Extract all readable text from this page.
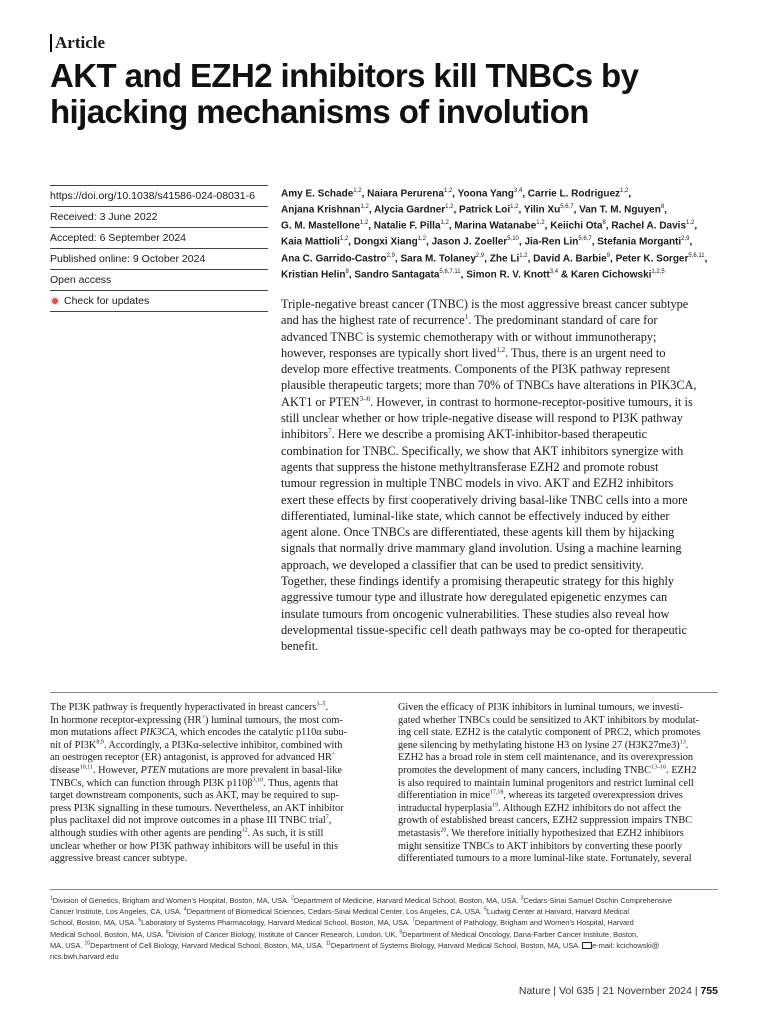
Article
AKT and EZH2 inhibitors kill TNBCs by
hijacking mechanisms of involution
https://doi.org/10.1038/s41586-024-08031-6
Received: 3 June 2022
Accepted: 6 September 2024
Published online: 9 October 2024
Open access
Check for updates
Amy E. Schade$^{1,2}$, Naiara Perurena$^{1,2}$, Yoona Yang$^{3,4}$, Carrie L. Rodriguez$^{1,2}$,
Anjana Krishnan$^{1,2}$, Alycia Gardner$^{1,2}$, Patrick Loi$^{1,2}$, Yilin Xu$^{5,6,7}$, Van T. M. Nguyen$^8$,
G. M. Mastellone$^{1,2}$, Natalie F. Pilla$^{1,2}$, Marina Watanabe$^{1,2}$, Keiichi Ota$^8$, Rachel A. Davis$^{1,2}$,
Kaia Mattioli$^{1,2}$, Dongxi Xiang$^{1,2}$, Jason J. Zoeller$^{5,10}$, Jia-Ren Lin$^{5,6,7}$, Stefania Morganti$^{2,9}$,
Ana C. Garrido-Castro$^{2,9}$, Sara M. Tolaney$^{2,9}$, Zhe Li$^{1,2}$, David A. Barbie$^9$, Peter K. Sorger$^{5,6,11}$,
Kristian Helin$^8$, Sandro Santagata$^{5,6,7,11}$, Simon R. V. Knott$^{3,4}$ & Karen Cichowski$^{1,2,5}$
Triple-negative breast cancer (TNBC) is the most aggressive breast cancer subtype
and has the highest rate of recurrence$^1$. The predominant standard of care for
advanced TNBC is systemic chemotherapy with or without immunotherapy;
however, responses are typically short lived$^{1,2}$. Thus, there is an urgent need to
develop more effective treatments. Components of the PI3K pathway represent
plausible therapeutic targets; more than 70% of TNBCs have alterations in PIK3CA,
AKT1 or PTEN$^{3-6}$. However, in contrast to hormone-receptor-positive tumours, it is
still unclear whether or how triple-negative disease will respond to PI3K pathway
inhibitors$^7$. Here we describe a promising AKT-inhibitor-based therapeutic
combination for TNBC. Specifically, we show that AKT inhibitors synergize with
agents that suppress the histone methyltransferase EZH2 and promote robust
tumour regression in multiple TNBC models in vivo. AKT and EZH2 inhibitors
exert these effects by first cooperatively driving basal-like TNBC cells into a more
differentiated, luminal-like state, which cannot be effectively induced by either
agent alone. Once TNBCs are differentiated, these agents kill them by hijacking
signals that normally drive mammary gland involution. Using a machine learning
approach, we developed a classifier that can be used to predict sensitivity.
Together, these findings identify a promising therapeutic strategy for this highly
aggressive tumour type and illustrate how deregulated epigenetic enzymes can
insulate tumours from oncogenic vulnerabilities. These studies also reveal how
developmental tissue-specific cell death pathways may be co-opted for therapeutic
benefit.
The PI3K pathway is frequently hyperactivated in breast cancers$^{3-5}$.
In hormone receptor-expressing (HR+) luminal tumours, the most com-
mon mutations affect PIK3CA, which encodes the catalytic p110α subu-
nit of $PI3K^{8,9}$. Accordingly, a PI3Kα-selective inhibitor, combined with
an oestrogen receptor (ER) antagonist, is approved for advanced HR+
disease$^{10,11}$. However, PTEN mutations are more prevalent in basal-like
TNBCs, which can function through PI3K $p110\beta^{3,10}$. Thus, agents that
target downstream components, such as AKT, may be required to sup-
press PI3K signalling in these tumours. Nevertheless, an AKT inhibitor
plus paclitaxel did not improve outcomes in a phase III TNBC trial$^7$,
although studies with other agents are pending$^{12}$. As such, it is still
unclear whether or how PI3K pathway inhibitors will be useful in this
aggressive breast cancer subtype.
Given the efficacy of PI3K inhibitors in luminal tumours, we investi-
gated whether TNBCs could be sensitized to AKT inhibitors by modulat-
ing cell state. EZH2 is the catalytic component of PRC2, which promotes
gene silencing by methylating histone H3 on lysine 27 $(H3K27me3)^{13}$.
EZH2 has a broad role in stem cell maintenance, and its overexpression
promotes the development of many cancers, including TNBC$^{13-16}$. EZH2
is also required to maintain luminal progenitors and restrict luminal cell
differentiation in mice$^{17,18}$, whereas its targeted overexpression drives
intraductal hyperplasia$^{19}$. Although EZH2 inhibitors do not affect the
growth of established breast cancers, EZH2 suppression impairs TNBC
metastasis$^{20}$. We therefore initially hypothesized that EZH2 inhibitors
might sensitize TNBCs to AKT inhibitors by converting these poorly
differentiated tumours to a more luminal-like state. Fortunately, several
$^1$Division of Genetics, Brigham and Women's Hospital, Boston, MA, USA. $^2$Department of Medicine, Harvard Medical School, Boston, MA, USA. $^3$Cedars-Sinai Samuel Oschin Comprehensive
Cancer Institute, Los Angeles, CA, USA. $^4$Department of Biomedical Sciences, Cedars-Sinai Medical Center, Los Angeles, CA, USA. $^5$Ludwig Center at Harvard, Harvard Medical
School, Boston, MA, USA. $^6$Laboratory of Systems Pharmacology, Harvard Medical School, Boston, MA, USA. $^7$Department of Pathology, Brigham and Women's Hospital, Harvard
Medical School, Boston, MA, USA. $^8$Division of Cancer Biology, Institute of Cancer Research, London, UK. $^9$Department of Medical Oncology, Dana-Farber Cancer Institute, Boston,
MA, USA. $^{10}$Department of Cell Biology, Harvard Medical School, Boston, MA, USA. $^{11}$Department of Systems Biology, Harvard Medical School, Boston, MA, USA. e-mail: kcichowski@
rics.bwh.harvard.edu
Nature | Vol 635 | 21 November 2024 | 755
